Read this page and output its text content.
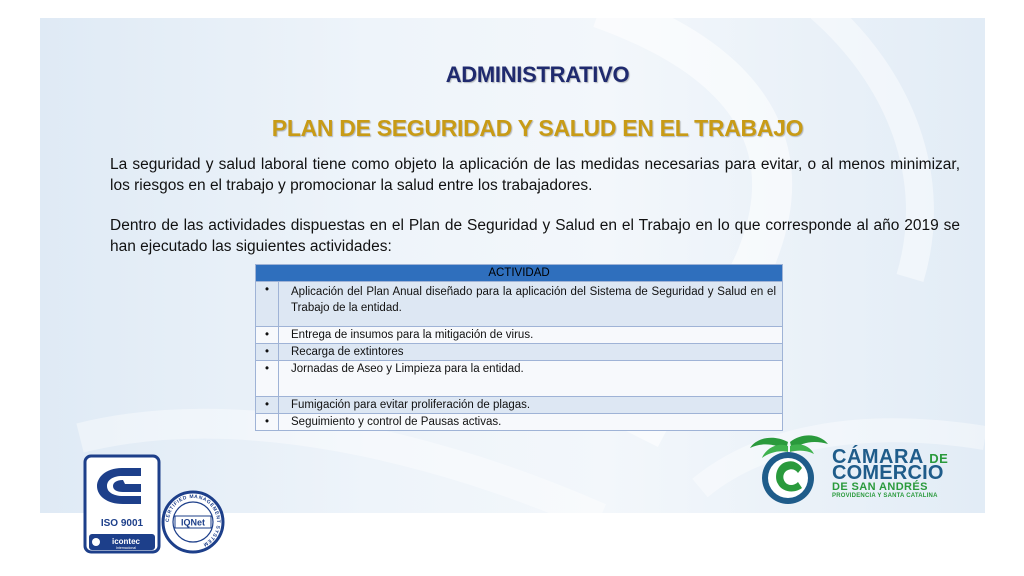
ADMINISTRATIVO
PLAN DE SEGURIDAD Y SALUD EN EL TRABAJO
La seguridad y salud laboral tiene como objeto la aplicación de las medidas necesarias para evitar, o al menos minimizar, los riesgos en el trabajo y promocionar la salud entre los trabajadores.
Dentro de las actividades dispuestas en el Plan de Seguridad y Salud en el Trabajo en lo que corresponde al año 2019 se han ejecutado las siguientes actividades:
ACTIVIDAD	
•	Aplicación del Plan Anual diseñado para la aplicación del Sistema de Seguridad y Salud en el Trabajo de la entidad.
•	Entrega de insumos para la mitigación de virus.
•	Recarga de extintores
•	Jornadas de Aseo y Limpieza para la entidad.
•	Fumigación para evitar proliferación de plagas.
•	Seguimiento y control de Pausas activas.
ISO 9001
icontec
Internacional
IQNet
CERTIFIED MANAGEMENT SYSTEM
CÁMARA DE
COMERCIO
DE SAN ANDRÉS
PROVIDENCIA Y SANTA CATALINA
